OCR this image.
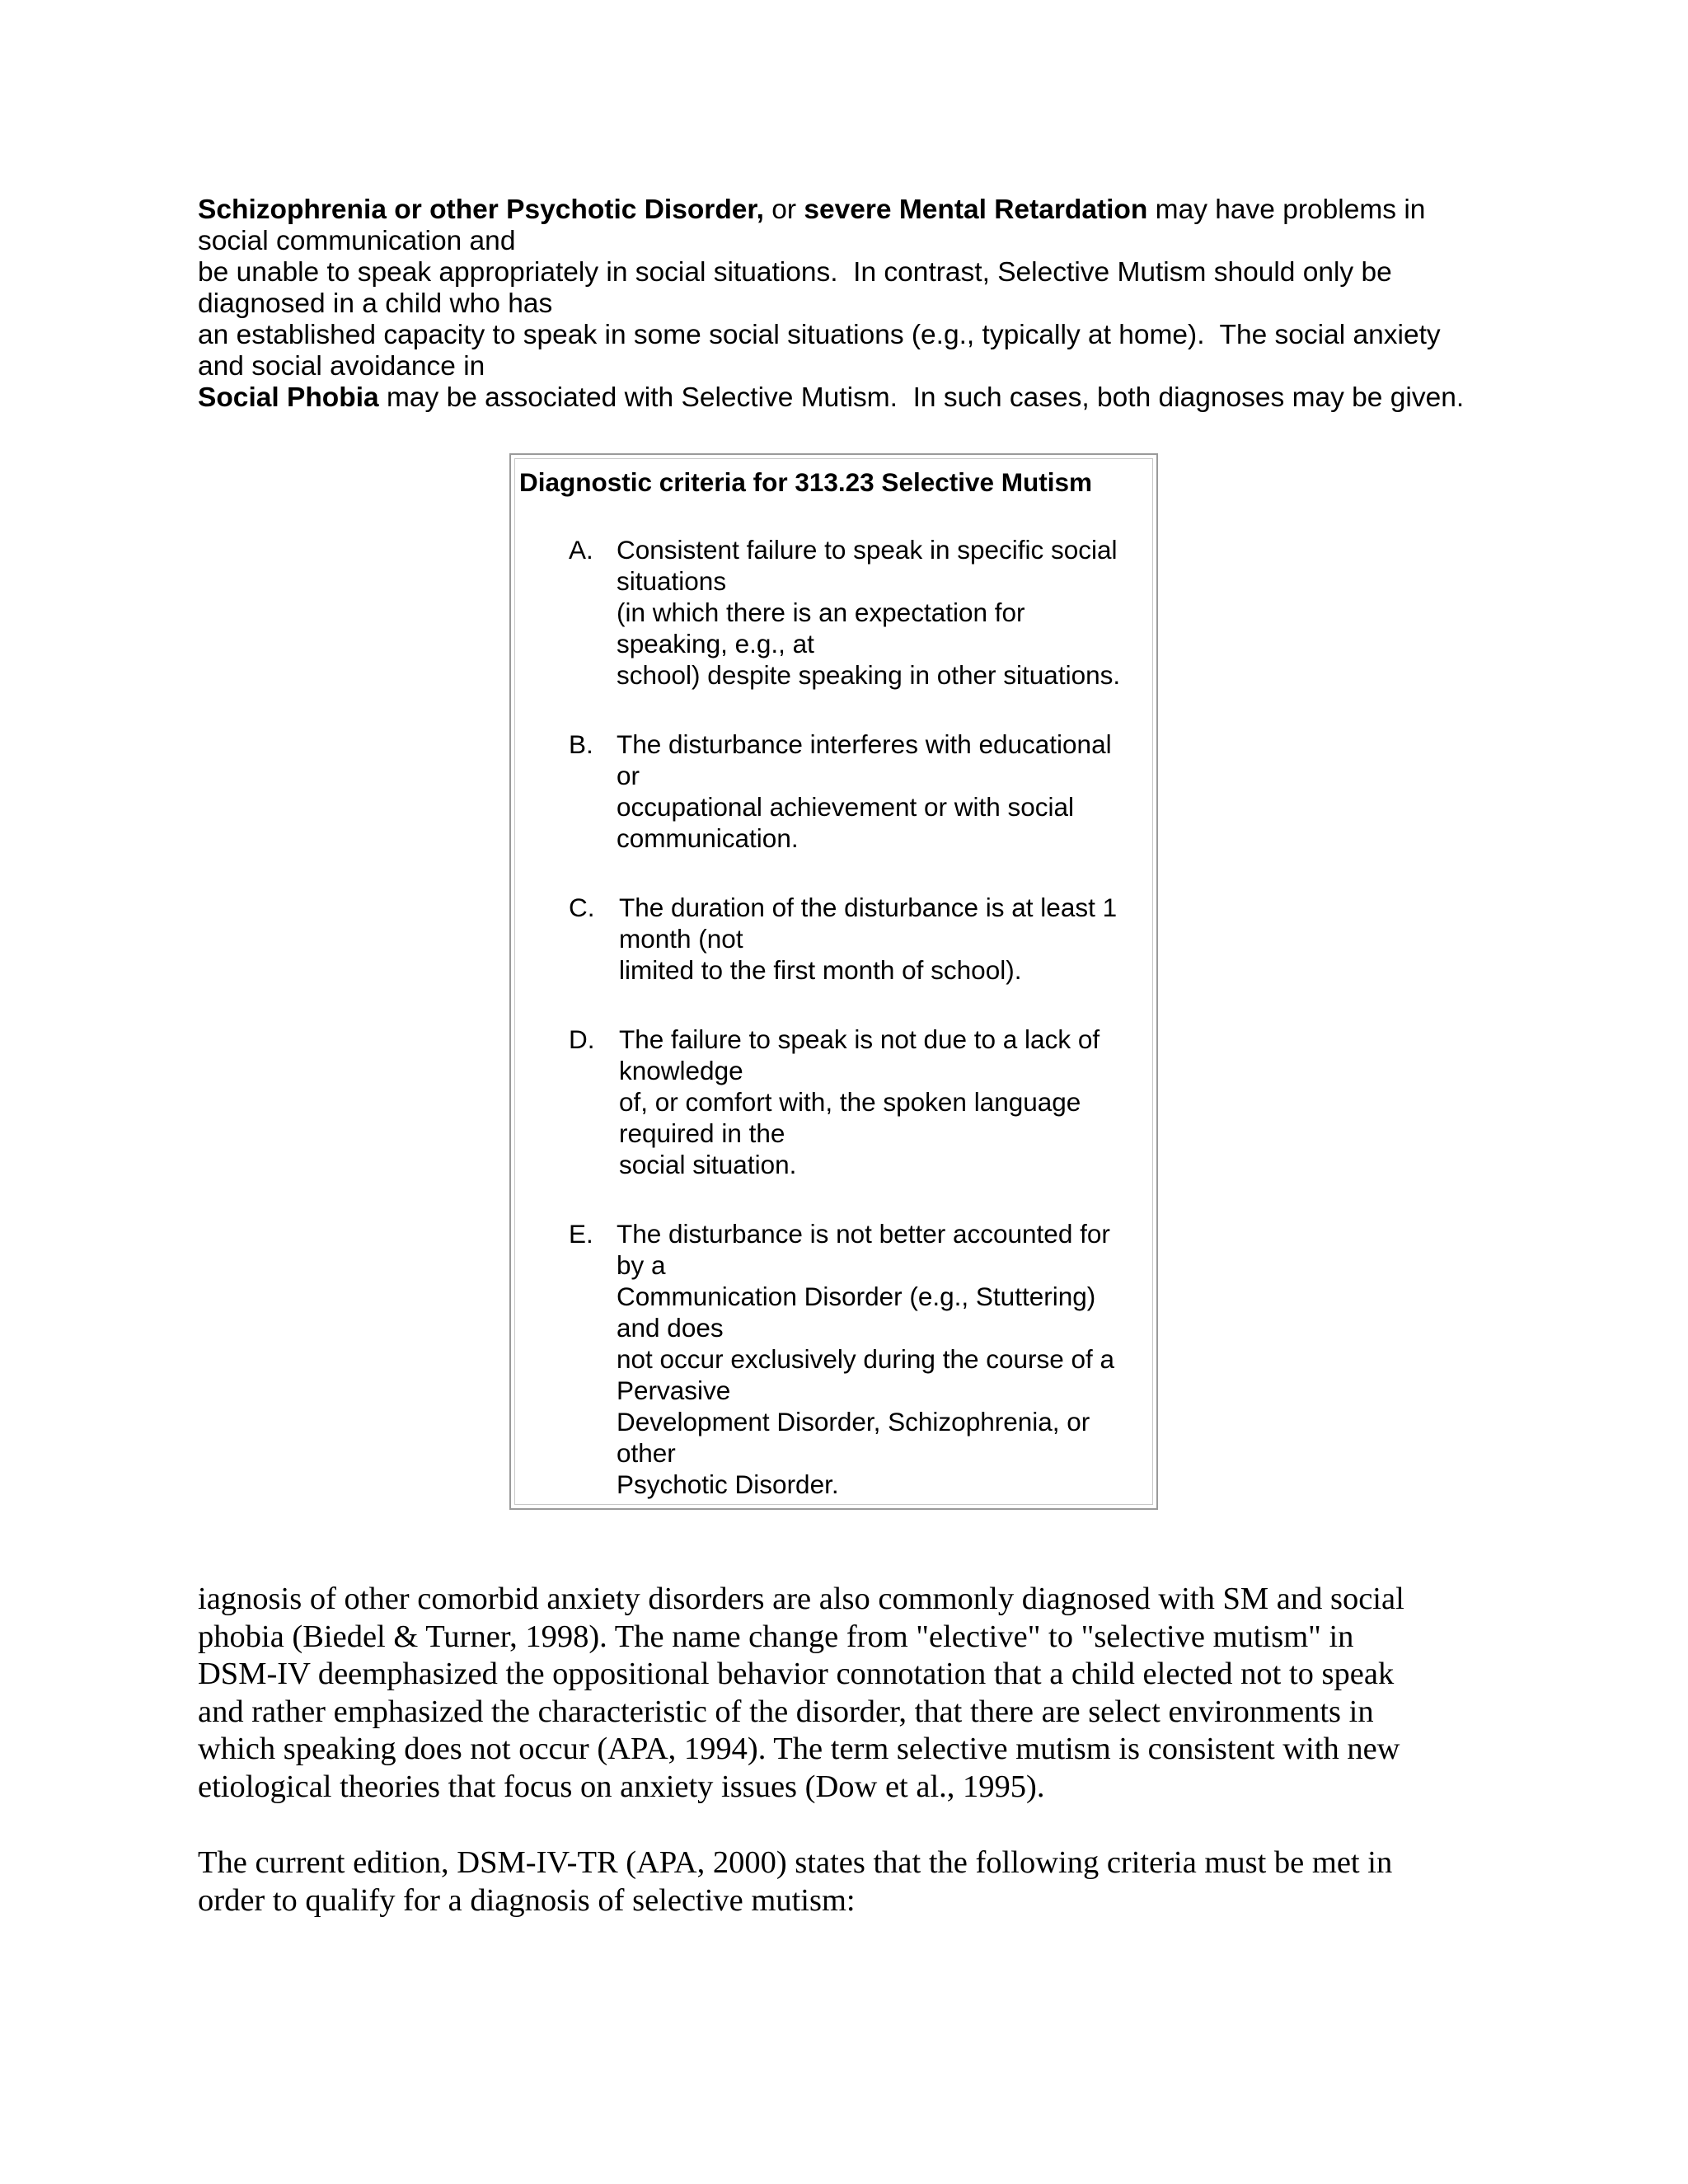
Schizophrenia or other Psychotic Disorder, or severe Mental Retardation may have problems in
social communication and
be unable to speak appropriately in social situations.  In contrast, Selective Mutism should only be
diagnosed in a child who has
an established capacity to speak in some social situations (e.g., typically at home).  The social anxiety
and social avoidance in
Social Phobia may be associated with Selective Mutism.  In such cases, both diagnoses may be given.
Diagnostic criteria for 313.23 Selective Mutism
A. Consistent failure to speak in specific social
situations
(in which there is an expectation for
speaking, e.g., at
school) despite speaking in other situations.
B. The disturbance interferes with educational
or
occupational achievement or with social
communication.
C. The duration of the disturbance is at least 1
month (not
limited to the first month of school).
D. The failure to speak is not due to a lack of
knowledge
of, or comfort with, the spoken language
required in the
social situation.
E. The disturbance is not better accounted for
by a
Communication Disorder (e.g., Stuttering)
and does
not occur exclusively during the course of a
Pervasive
Development Disorder, Schizophrenia, or
other
Psychotic Disorder.
iagnosis of other comorbid anxiety disorders are also commonly diagnosed with SM and social
phobia (Biedel & Turner, 1998). The name change from "elective" to "selective mutism" in
DSM-IV deemphasized the oppositional behavior connotation that a child elected not to speak
and rather emphasized the characteristic of the disorder, that there are select environments in
which speaking does not occur (APA, 1994). The term selective mutism is consistent with new
etiological theories that focus on anxiety issues (Dow et al., 1995).
The current edition, DSM-IV-TR (APA, 2000) states that the following criteria must be met in
order to qualify for a diagnosis of selective mutism:
